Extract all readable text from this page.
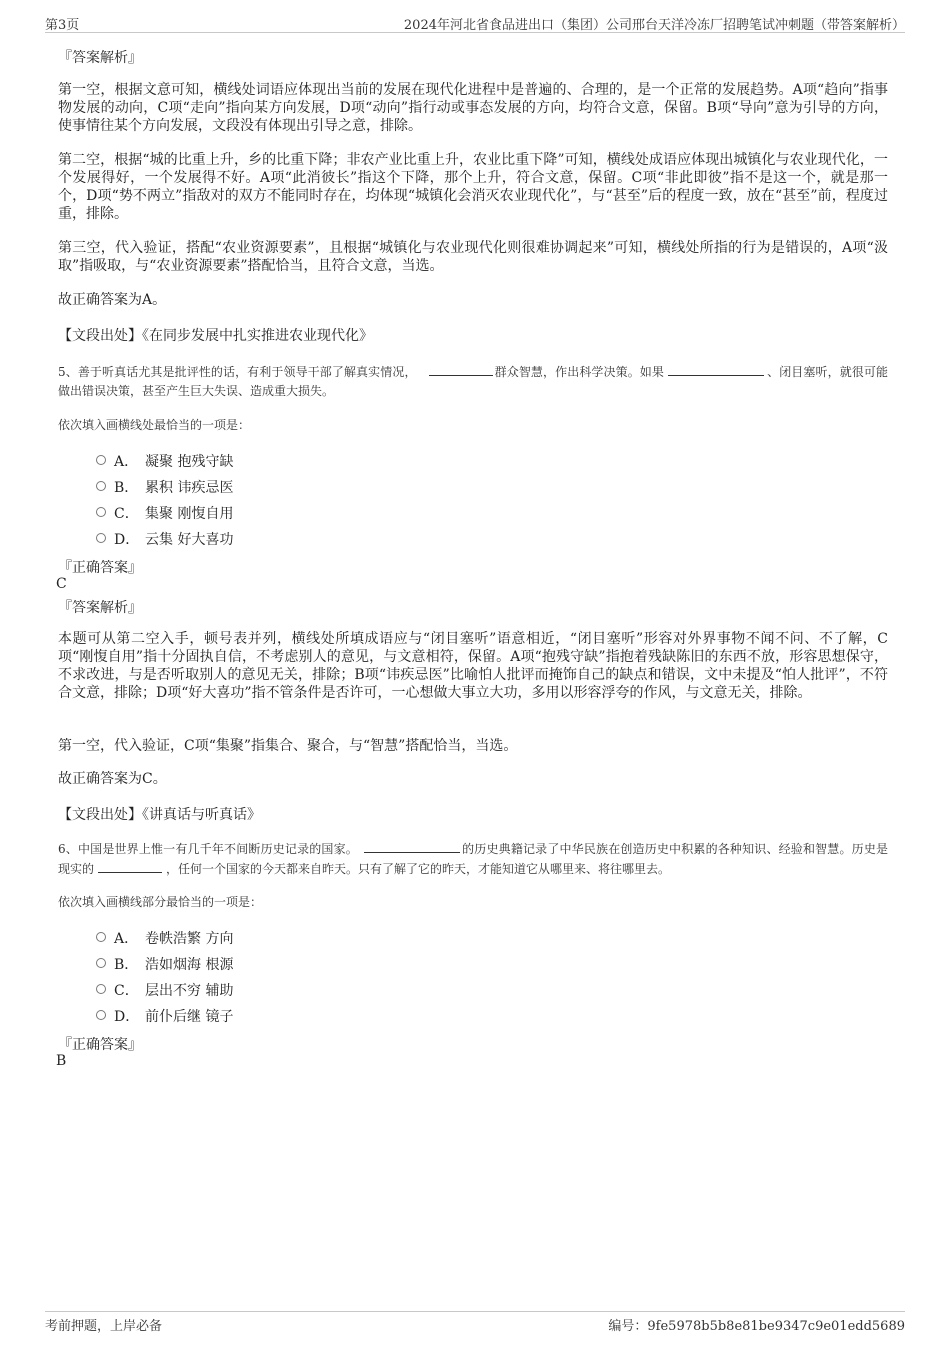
第3页	2024年河北省食品进出口（集团）公司邢台天洋冷冻厂招聘笔试冲刺题（带答案解析）
『答案解析』
第一空，根据文意可知，横线处词语应体现出当前的发展在现代化进程中是普遍的、合理的，是一个正常的发展趋势。A项“趋向”指事物发展的动向，C项“走向”指向某方向发展，D项“动向”指行动或事态发展的方向，均符合文意，保留。B项“导向”意为引导的方向，使事情往某个方向发展，文段没有体现出引导之意，排除。
第二空，根据“城的比重上升，乡的比重下降；非农产业比重上升，农业比重下降”可知，横线处成语应体现出城镇化与农业现代化，一个发展得好，一个发展得不好。A项“此消彼长”指这个下降，那个上升，符合文意，保留。C项“非此即彼”指不是这一个，就是那一个，D项“势不两立”指敌对的双方不能同时存在，均体现“城镇化会消灭农业现代化”，与“甚至”后的程度一致，放在“甚至”前，程度过重，排除。
第三空，代入验证，搭配“农业资源要素”，且根据“城镇化与农业现代化则很难协调起来”可知，横线处所指的行为是错误的，A项“汲取”指吸取，与“农业资源要素”搭配恰当，且符合文意，当选。
故正确答案为A。
【文段出处】《在同步发展中扎实推进农业现代化》
5、善于听真话尤其是批评性的话，有利于领导干部了解真实情况，	群众智慧，作出科学决策。如果	、闭目塞听，就很可能做出错误决策，甚至产生巨大失误、造成重大损失。
依次填入画横线处最恰当的一项是：
A． 凝聚 抱残守缺
B． 累积 讳疾忌医
C． 集聚 刚愎自用
D． 云集 好大喜功
『正确答案』
C
『答案解析』
本题可从第二空入手，顿号表并列，横线处所填成语应与“闭目塞听”语意相近，“闭目塞听”形容对外界事物不闻不问、不了解，C项“刚愎自用”指十分固执自信，不考虑别人的意见，与文意相符，保留。A项“抱残守缺”指抱着残缺陈旧的东西不放，形容思想保守，不求改进，与是否听取别人的意见无关，排除；B项“讳疾忌医”比喻怕人批评而掩饰自己的缺点和错误，文中未提及“怕人批评”，不符合文意，排除；D项“好大喜功”指不管条件是否许可，一心想做大事立大功，多用以形容浮夸的作风，与文意无关，排除。
第一空，代入验证，C项“集聚”指集合、聚合，与“智慧”搭配恰当，当选。
故正确答案为C。
【文段出处】《讲真话与听真话》
6、中国是世界上惟一有几千年不间断历史记录的国家。	的历史典籍记录了中华民族在创造历史中积累的各种知识、经验和智慧。历史是现实的	，任何一个国家的今天都来自昨天。只有了解了它的昨天，才能知道它从哪里来、将往哪里去。
依次填入画横线部分最恰当的一项是：
A． 卷帙浩繁 方向
B． 浩如烟海 根源
C． 层出不穷 辅助
D． 前仆后继 镜子
『正确答案』
B
考前押题，上岸必备	编号：9fe5978b5b8e81be9347c9e01edd5689
